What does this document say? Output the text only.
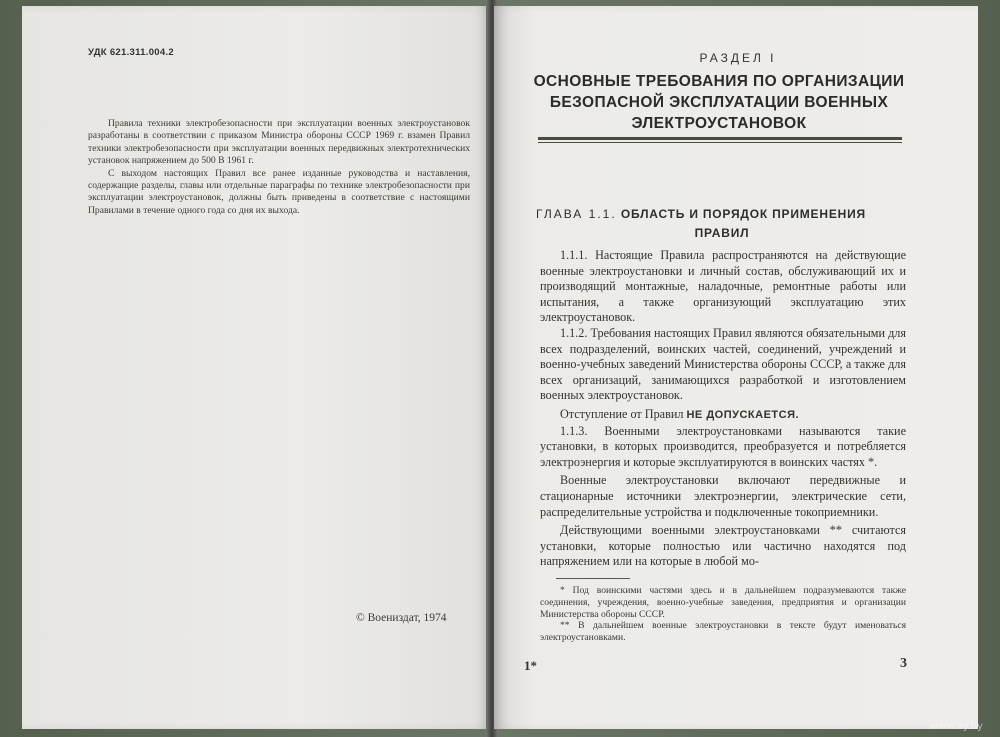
УДК 621.311.004.2

Правила техники электробезопасности при эксплуатации военных электроустановок разработаны в соответствии с приказом Министра обороны СССР 1969 г. взамен Правил техники электробезопасности при эксплуатации военных передвижных электротехнических установок напряжением до 500 В 1961 г.

С выходом настоящих Правил все ранее изданные руководства и наставления, содержащие разделы, главы или отдельные параграфы по технике электробезопасности при эксплуатации электроустановок, должны быть приведены в соответствие с настоящими Правилами в течение одного года со дня их выхода.

© Воениздат, 1974
РАЗДЕЛ I
ОСНОВНЫЕ ТРЕБОВАНИЯ ПО ОРГАНИЗАЦИИ БЕЗОПАСНОЙ ЭКСПЛУАТАЦИИ ВОЕННЫХ ЭЛЕКТРОУСТАНОВОК
ГЛАВА 1.1. ОБЛАСТЬ И ПОРЯДОК ПРИМЕНЕНИЯ
ПРАВИЛ

1.1.1. Настоящие Правила распространяются на действующие военные электроустановки и личный состав, обслуживающий их и производящий монтажные, наладочные, ремонтные работы или испытания, а также организующий эксплуатацию этих электроустановок.

1.1.2. Требования настоящих Правил являются обязательными для всех подразделений, воинских частей, соединений, учреждений и военно-учебных заведений Министерства обороны СССР, а также для всех организаций, занимающихся разработкой и изготовлением военных электроустановок.

Отступление от Правил НЕ ДОПУСКАЕТСЯ.

1.1.3. Военными электроустановками называются такие установки, в которых производится, преобразуется и потребляется электроэнергия и которые эксплуатируются в воинских частях *.

Военные электроустановки включают передвижные и стационарные источники электроэнергии, электрические сети, распределительные устройства и подключенные токоприемники.

Действующими военными электроустановками ** считаются установки, которые полностью или частично находятся под напряжением или на которые в любой мо-

* Под воинскими частями здесь и в дальнейшем подразумеваются также соединения, учреждения, военно-учебные заведения, предприятия и организации Министерства обороны СССР.

** В дальнейшем военные электроустановки в тексте будут именоваться электроустановками.

1*	3
www.ay.by
